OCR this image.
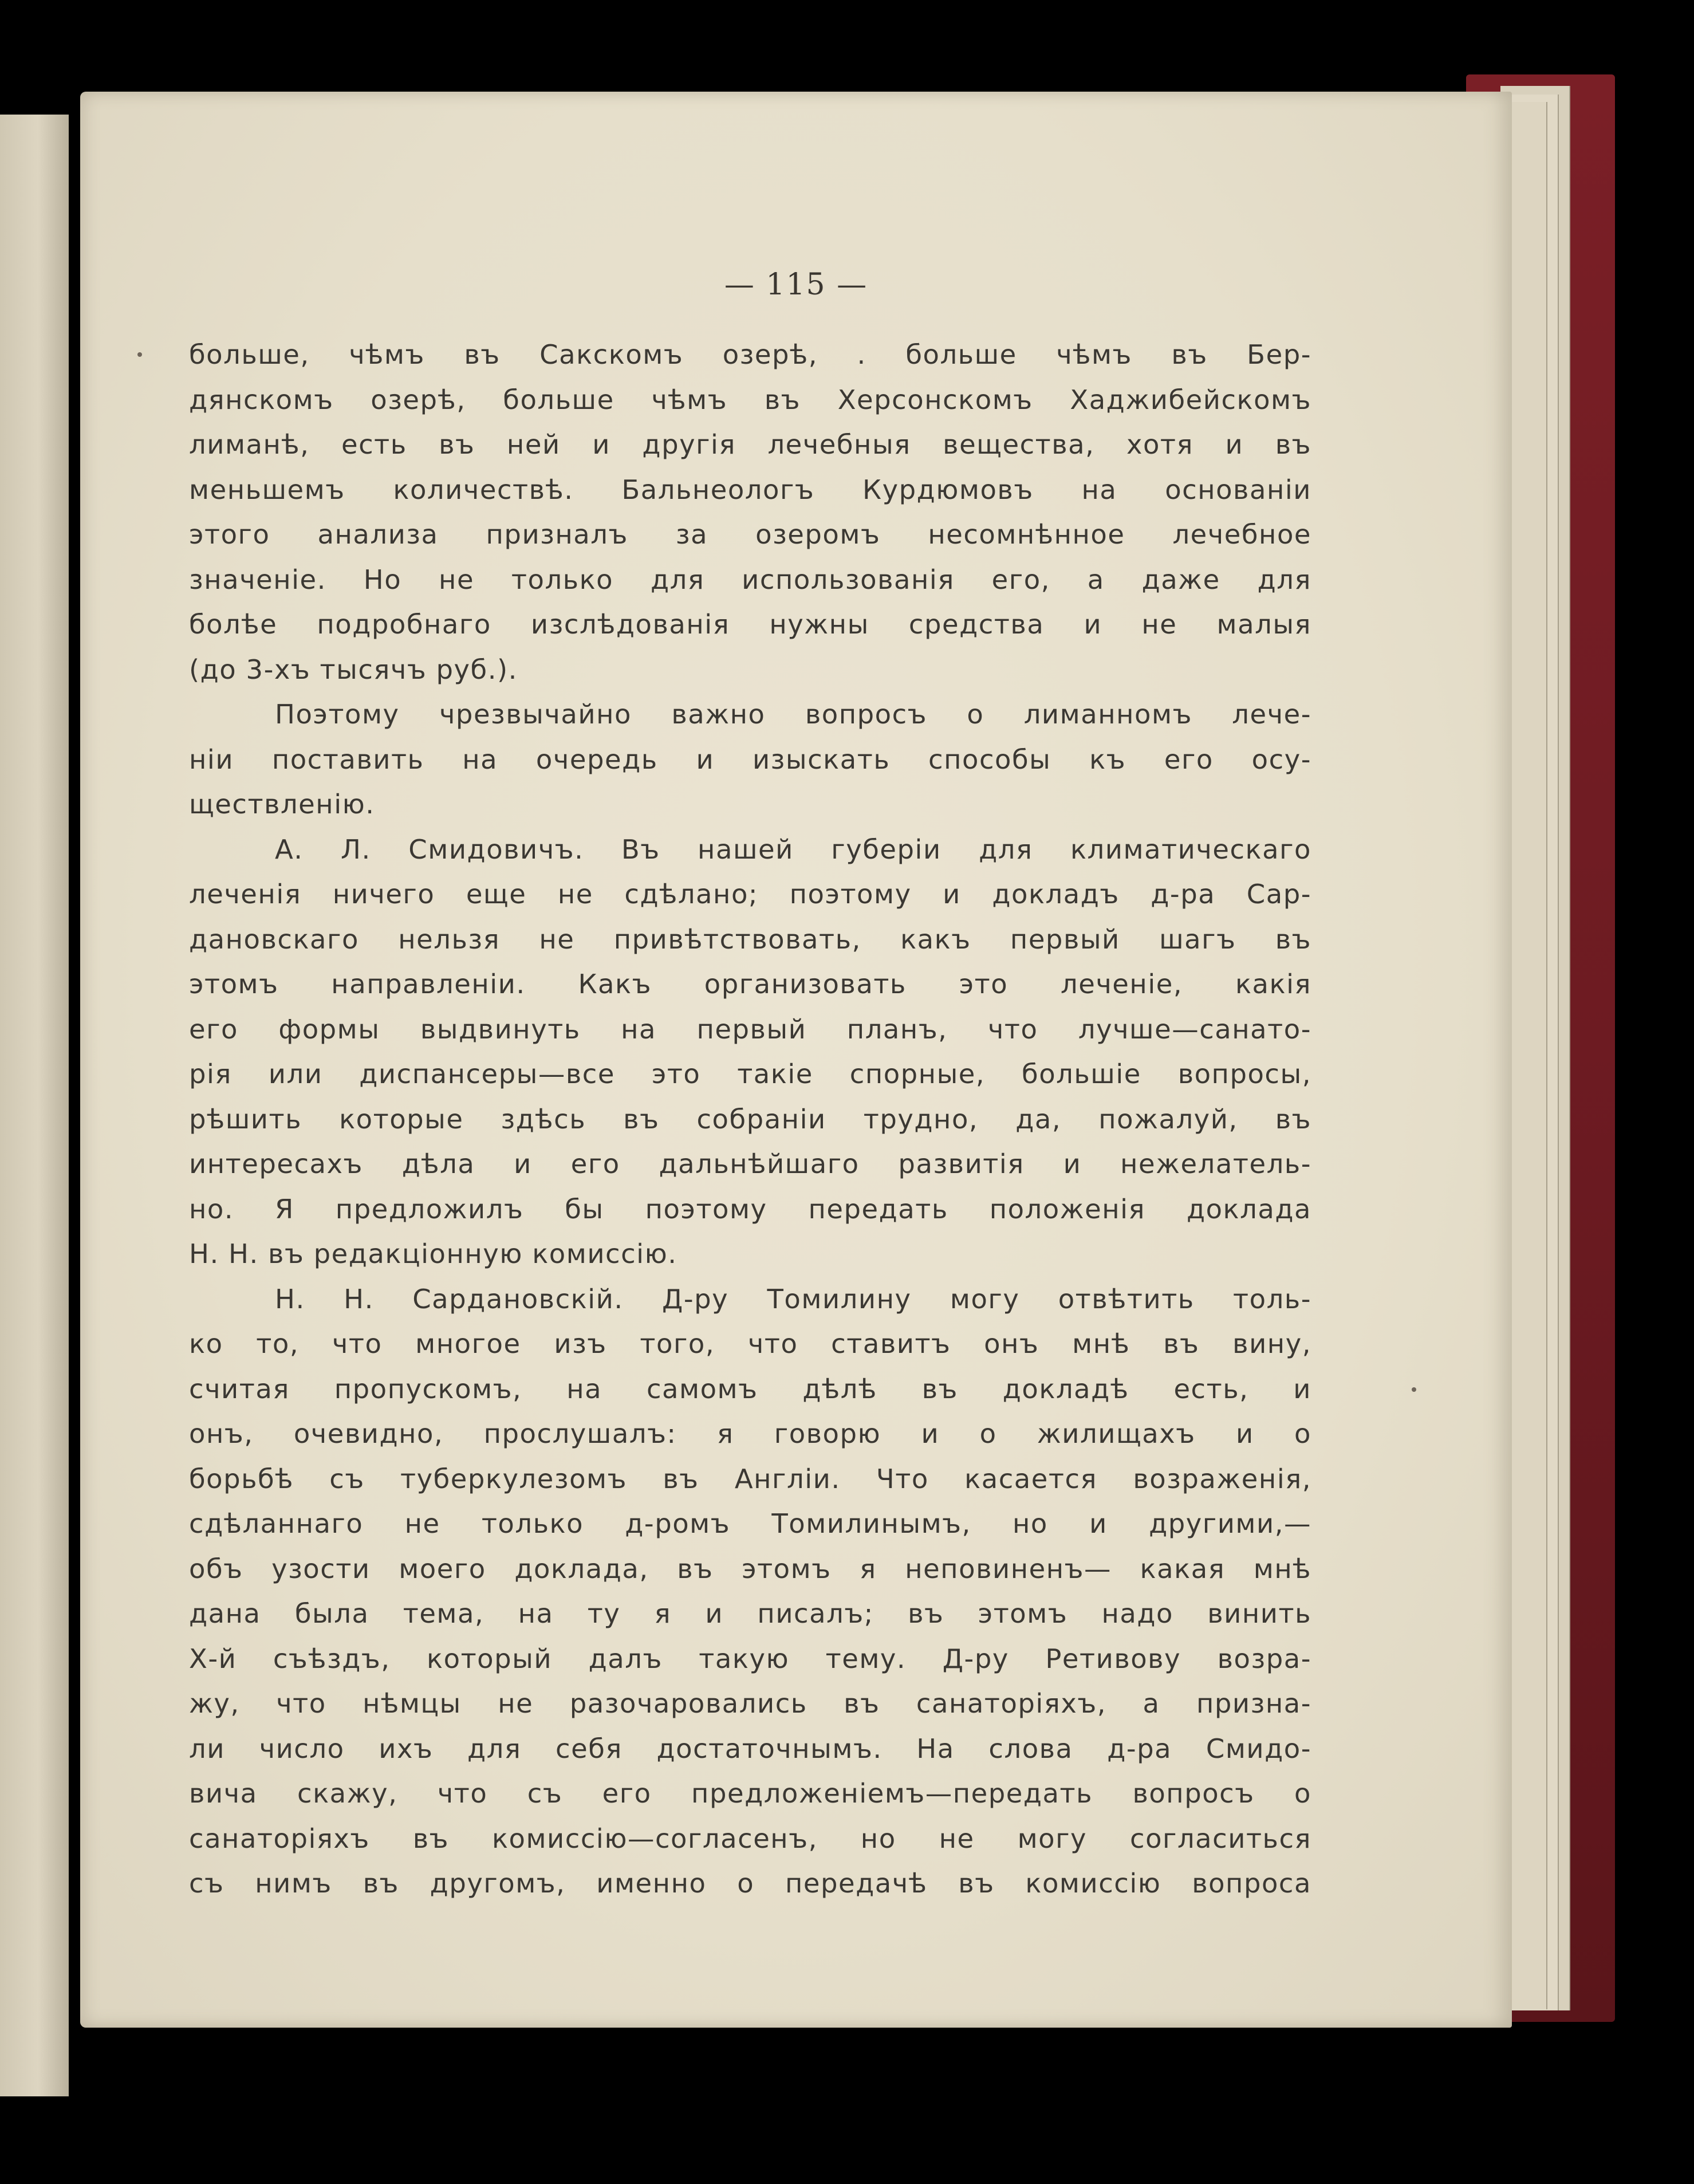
— 115 —
больше, чѣмъ въ Сакскомъ озерѣ, . больше чѣмъ въ Бер-
дянскомъ озерѣ, больше чѣмъ въ Херсонскомъ Хаджибейскомъ
лиманѣ, есть въ ней и другія лечебныя вещества, хотя и въ
меньшемъ количествѣ. Бальнеологъ Курдюмовъ на основаніи
этого анализа призналъ за озеромъ несомнѣнное лечебное
значеніе. Но не только для использованія его, а даже для
болѣе подробнаго изслѣдованія нужны средства и не малыя
(до 3-хъ тысячъ руб.).
Поэтому чрезвычайно важно вопросъ о лиманномъ лече-
ніи поставить на очередь и изыскать способы къ его осу-
ществленію.
А. Л. Смидовичъ. Въ нашей губеріи для климатическаго
леченія ничего еще не сдѣлано; поэтому и докладъ д-ра Сар-
дановскаго нельзя не привѣтствовать, какъ первый шагъ въ
этомъ направленіи. Какъ организовать это леченіе, какія
его формы выдвинуть на первый планъ, что лучше—санато-
рія или диспансеры—все это такіе спорные, большіе вопросы,
рѣшить которые здѣсь въ собраніи трудно, да, пожалуй, въ
интересахъ дѣла и его дальнѣйшаго развитія и нежелатель-
но. Я предложилъ бы поэтому передать положенія доклада
Н. Н. въ редакціонную комиссію.
Н. Н. Сардановскій. Д-ру Томилину могу отвѣтить толь-
ко то, что многое изъ того, что ставитъ онъ мнѣ въ вину,
считая пропускомъ, на самомъ дѣлѣ въ докладѣ есть, и
онъ, очевидно, прослушалъ: я говорю и о жилищахъ и о
борьбѣ съ туберкулезомъ въ Англіи. Что касается возраженія,
сдѣланнаго не только д-ромъ Томилинымъ, но и другими,—
объ узости моего доклада, въ этомъ я неповиненъ— какая мнѣ
дана была тема, на ту я и писалъ; въ этомъ надо винить
Х-й съѣздъ, который далъ такую тему. Д-ру Ретивову возра-
жу, что нѣмцы не разочаровались въ санаторіяхъ, а призна-
ли число ихъ для себя достаточнымъ. На слова д-ра Смидо-
вича скажу, что съ его предложеніемъ—передать вопросъ о
санаторіяхъ въ комиссію—согласенъ, но не могу согласиться
съ нимъ въ другомъ, именно о передачѣ въ комиссію вопроса
